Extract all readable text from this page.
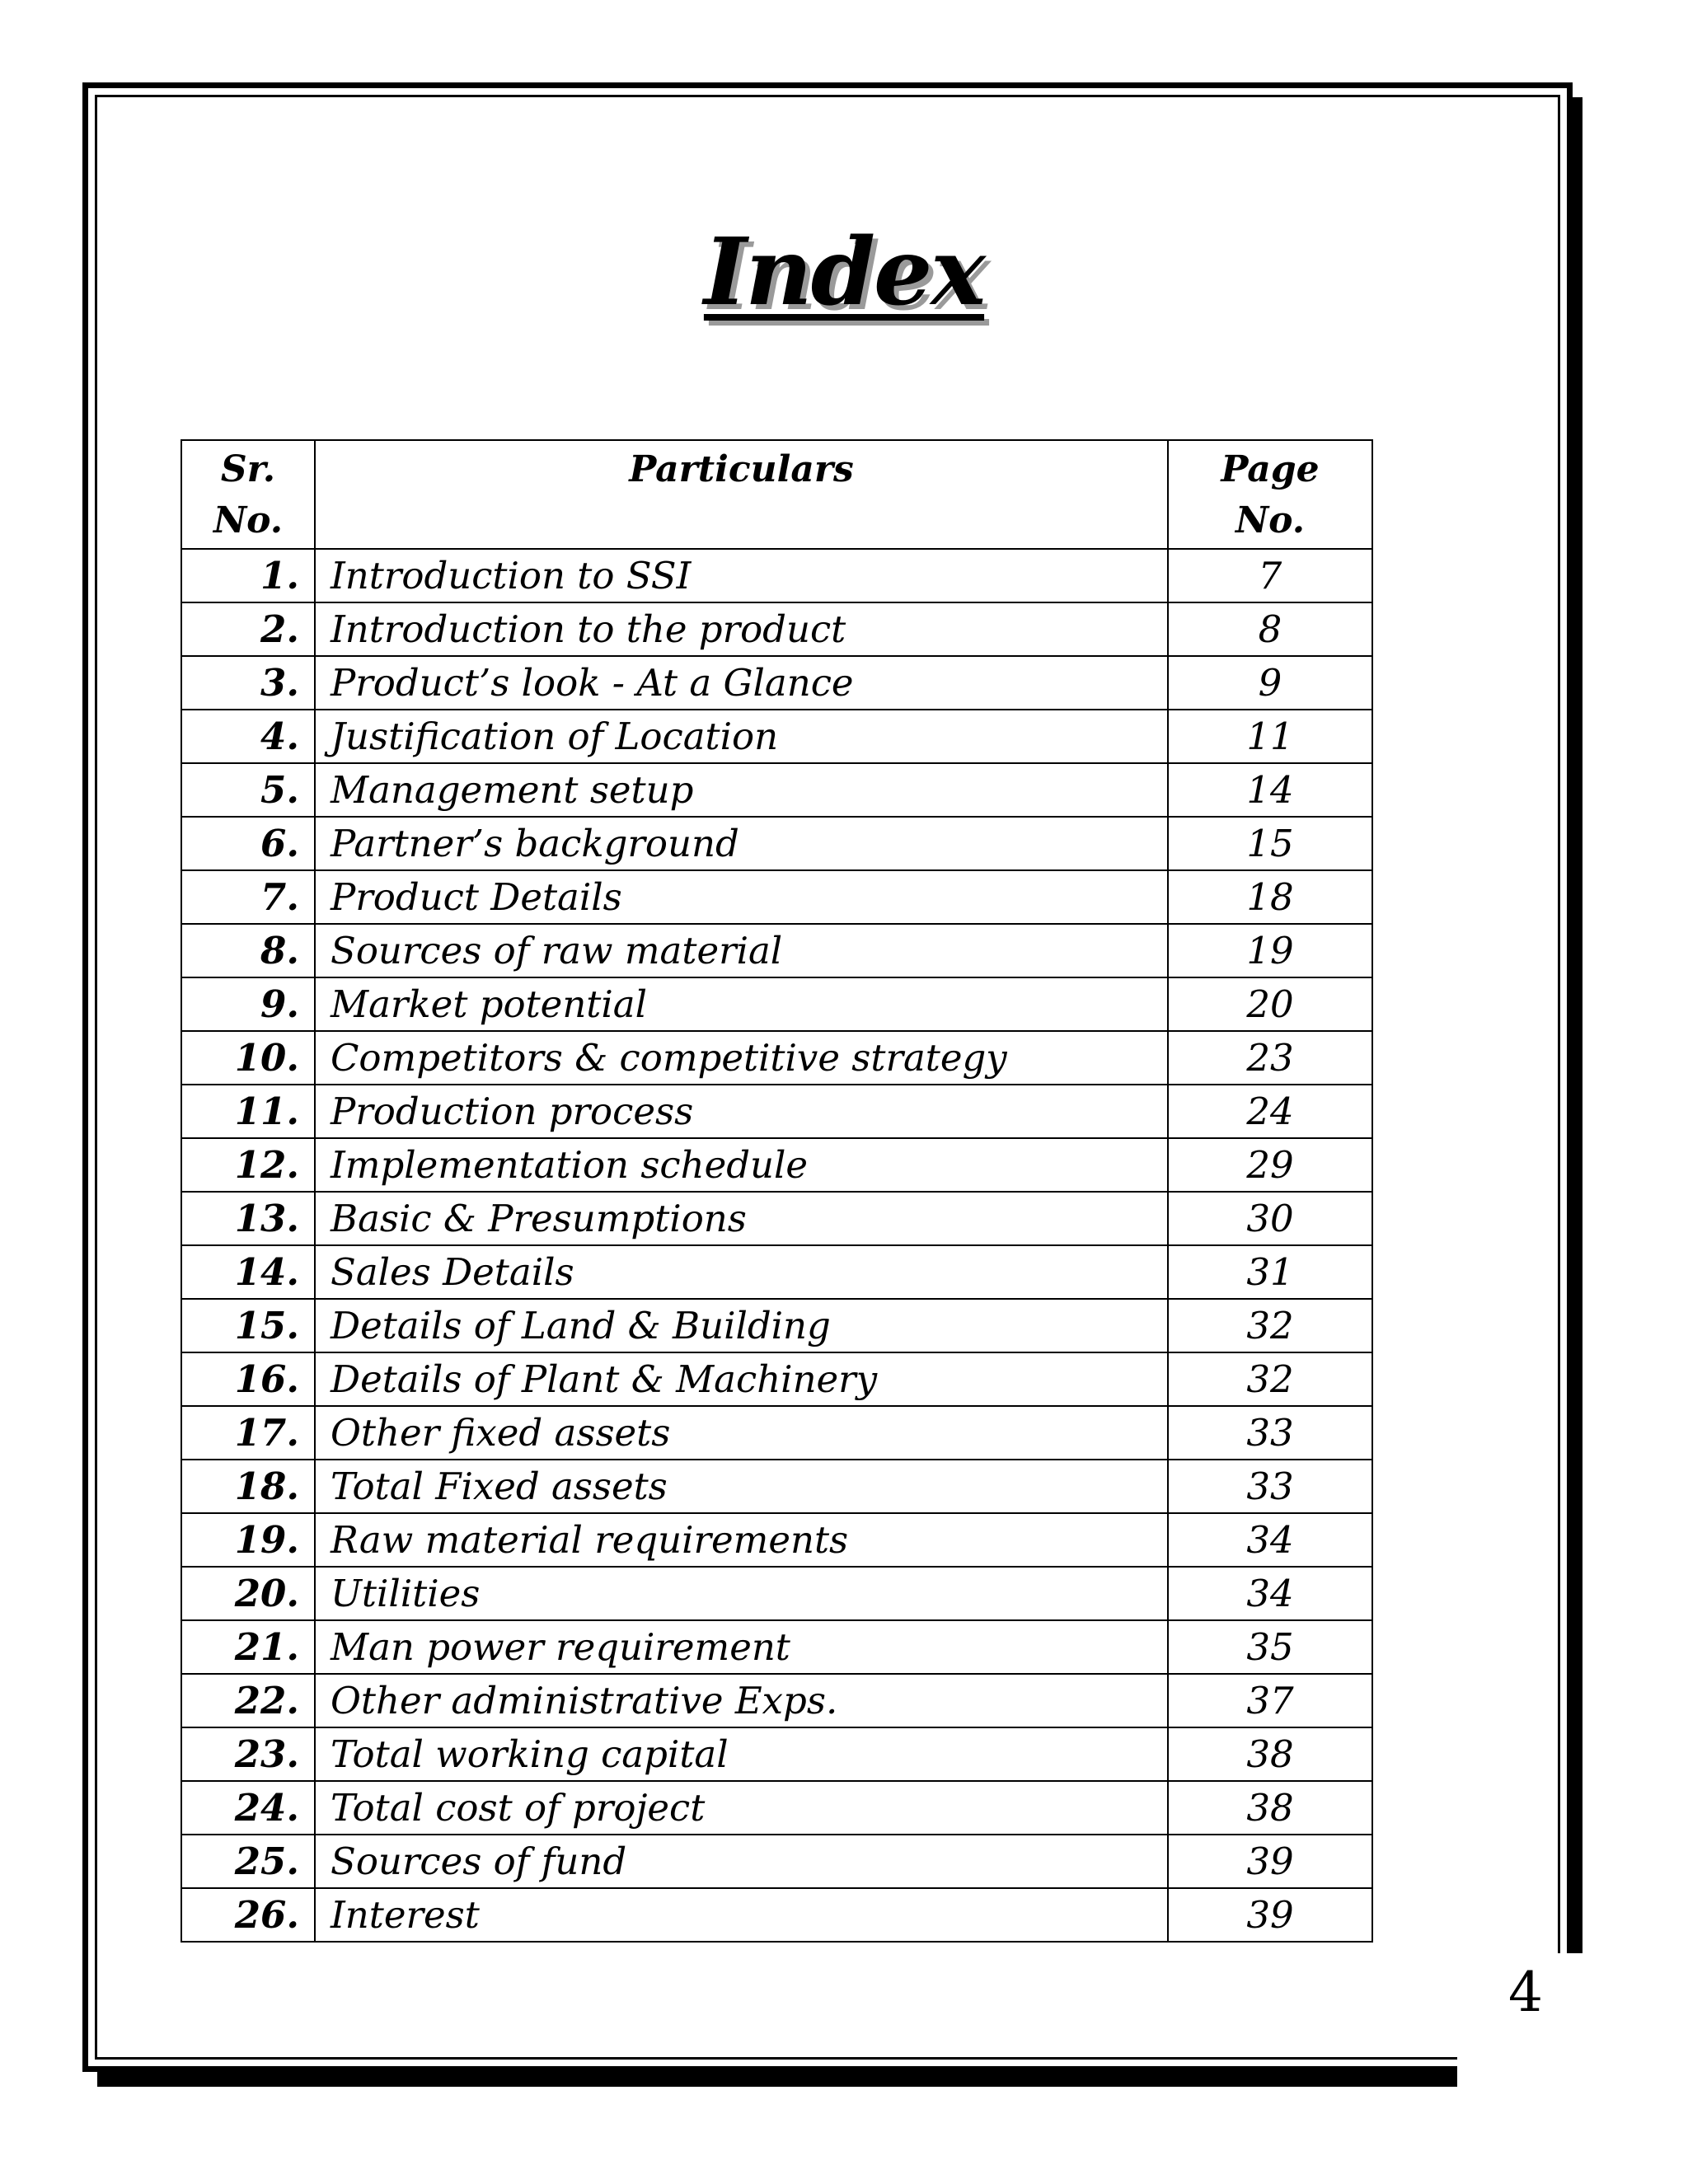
Index
Sr. No.	Particulars	Page No.
1.	Introduction to SSI	7
2.	Introduction to the product	8
3.	Product’s look - At a Glance	9
4.	Justification of Location	11
5.	Management setup	14
6.	Partner’s background	15
7.	Product Details	18
8.	Sources of raw material	19
9.	Market potential	20
10.	Competitors & competitive strategy	23
11.	Production process	24
12.	Implementation schedule	29
13.	Basic & Presumptions	30
14.	Sales Details	31
15.	Details of Land & Building	32
16.	Details of Plant & Machinery	32
17.	Other fixed assets	33
18.	Total Fixed assets	33
19.	Raw material requirements	34
20.	Utilities	34
21.	Man power requirement	35
22.	Other administrative Exps.	37
23.	Total working capital	38
24.	Total cost of project	38
25.	Sources of fund	39
26.	Interest	39
4
